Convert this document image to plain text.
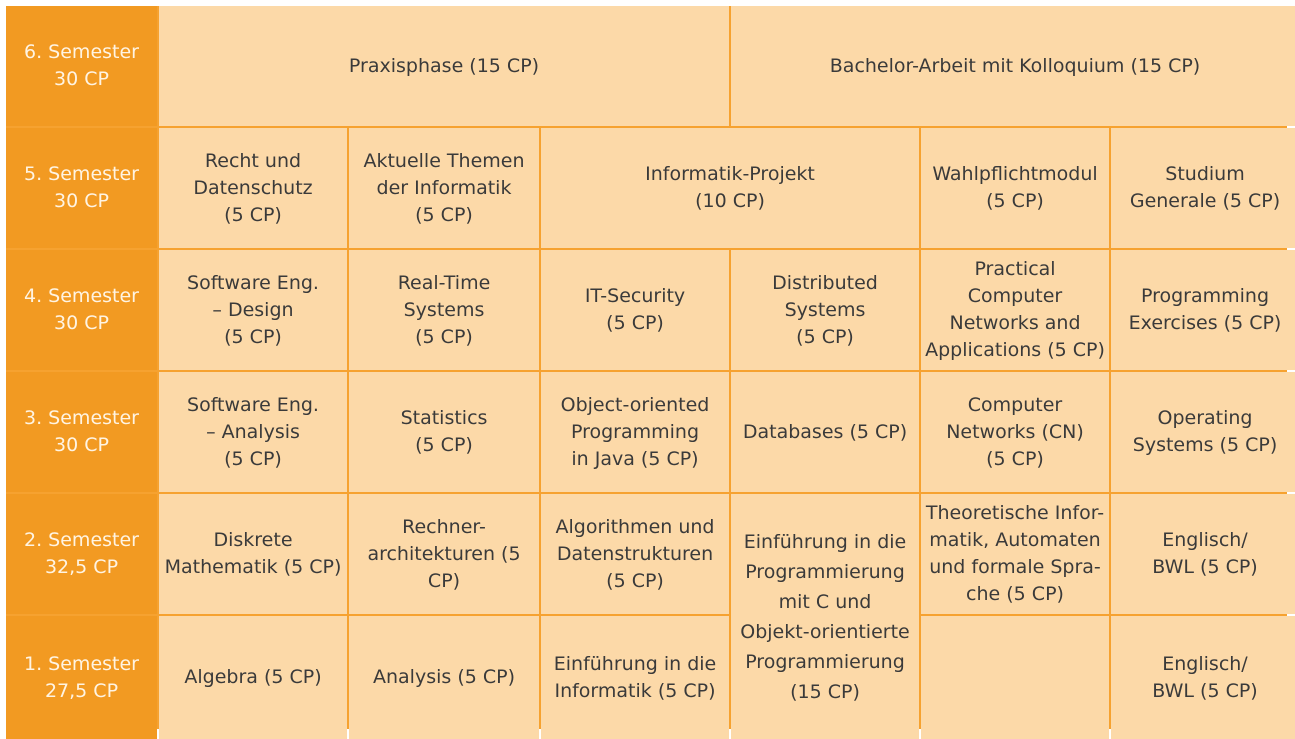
6. Semester
30 CP
Praxisphase (15 CP)	Bachelor-Arbeit mit Kolloquium (15 CP)
5. Semester
30 CP
Recht und
Datenschutz
(5 CP)
Aktuelle Themen
der Informatik
(5 CP)
Informatik-Projekt
(10 CP)
Wahlpflichtmodul
(5 CP)
Studium
Generale (5 CP)
4. Semester
30 CP
Software Eng.
– Design
(5 CP)
Real-Time
Systems
(5 CP)
IT-Security
(5 CP)
Distributed
Systems
(5 CP)
Practical Computer
Networks and
Applications (5 CP)
Programming
Exercises (5 CP)
3. Semester
30 CP
Software Eng.
– Analysis
(5 CP)
Statistics
(5 CP)
Object-oriented
Programming
in Java (5 CP)
Databases (5 CP)
Computer
Networks (CN)
(5 CP)
Operating
Systems (5 CP)
2. Semester
32,5 CP
Diskrete
Mathematik (5 CP)
Rechner-
architekturen (5 CP)
Algorithmen und
Datenstrukturen
(5 CP)
Einführung in die
Programmierung
mit C und
Objekt-orientierte
Programmierung
(15 CP)
Theoretische Infor-
matik, Automaten
und formale Spra-
che (5 CP)
Englisch/
BWL (5 CP)
1. Semester
27,5 CP
Algebra (5 CP)	Analysis (5 CP)
Einführung in die
Informatik (5 CP)
Englisch/
BWL (5 CP)
